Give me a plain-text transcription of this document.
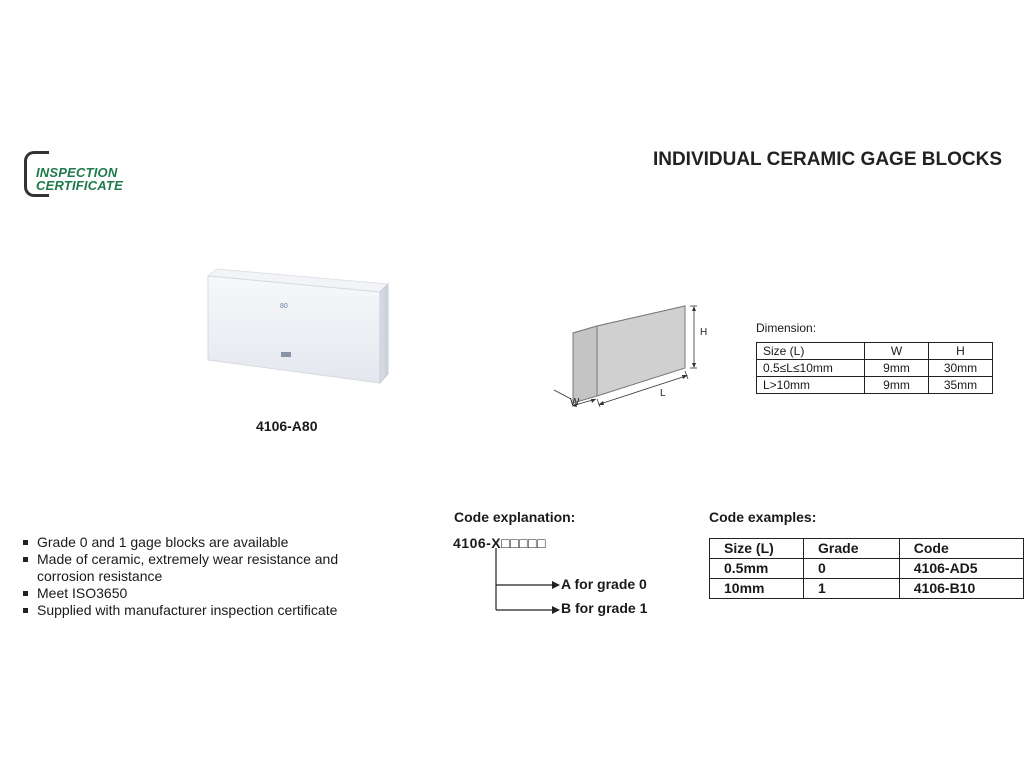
INSPECTION
CERTIFICATE
INDIVIDUAL CERAMIC GAGE BLOCKS
80
4106-A80
H
L
W
Dimension:
Size (L)	W	H
0.5≤L≤10mm	9mm	30mm
L>10mm	9mm	35mm
Grade 0 and 1 gage blocks are available
Made of ceramic, extremely wear resistance and corrosion resistance
Meet ISO3650
Supplied with manufacturer inspection certificate
Code explanation:
4106-X□□□□□
A for grade 0
B for grade 1
Code examples:
Size (L)	Grade	Code
0.5mm	0	4106-AD5
10mm	1	4106-B10
